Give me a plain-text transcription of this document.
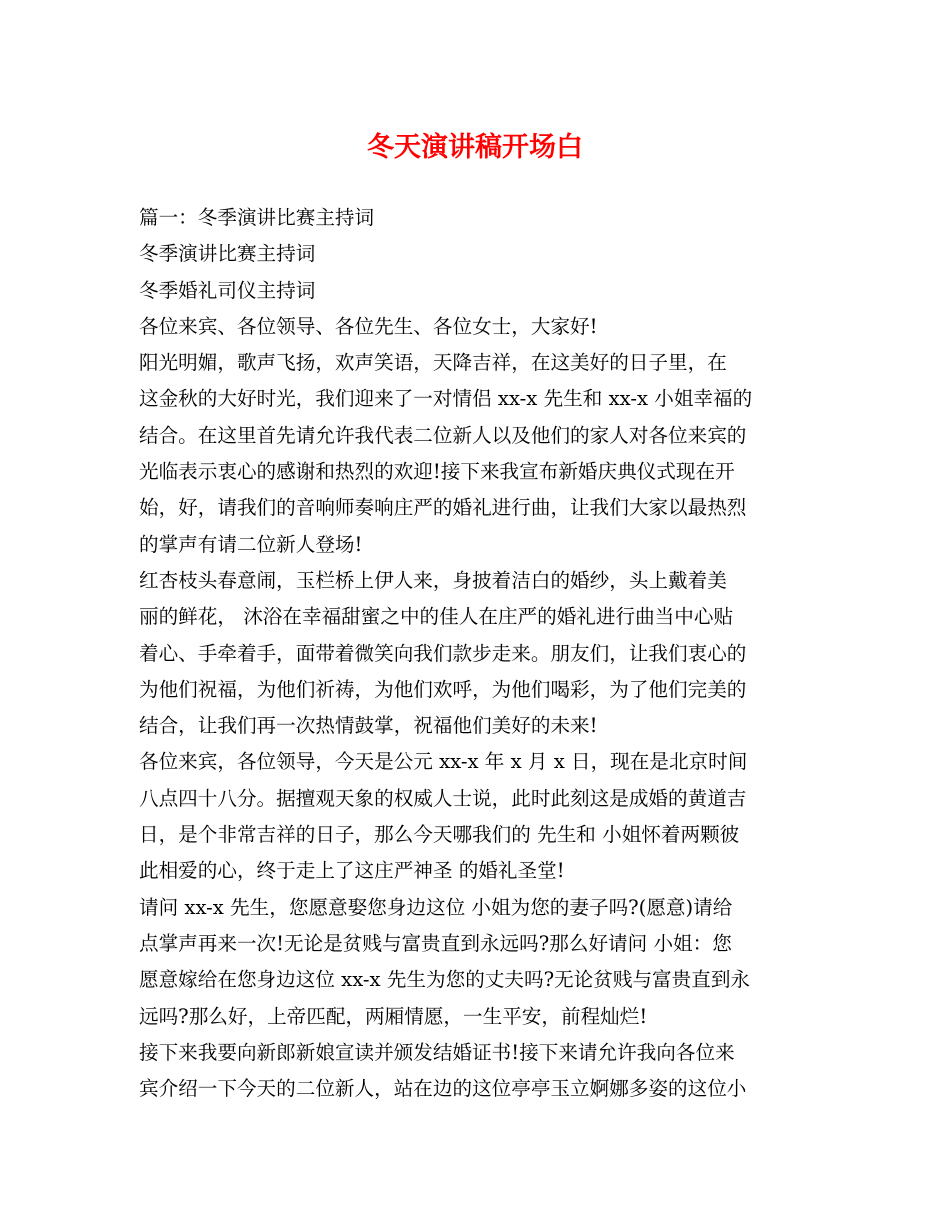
冬天演讲稿开场白
篇一：冬季演讲比赛主持词
冬季演讲比赛主持词
冬季婚礼司仪主持词
各位来宾、各位领导、各位先生、各位女士，大家好!
阳光明媚，歌声飞扬，欢声笑语，天降吉祥，在这美好的日子里，在
这金秋的大好时光，我们迎来了一对情侣 xx-x 先生和 xx-x 小姐幸福的
结合。在这里首先请允许我代表二位新人以及他们的家人对各位来宾的
光临表示衷心的感谢和热烈的欢迎!接下来我宣布新婚庆典仪式现在开
始，好，请我们的音响师奏响庄严的婚礼进行曲，让我们大家以最热烈
的掌声有请二位新人登场!
红杏枝头春意闹，玉栏桥上伊人来，身披着洁白的婚纱，头上戴着美
丽的鲜花， 沐浴在幸福甜蜜之中的佳人在庄严的婚礼进行曲当中心贴
着心、手牵着手，面带着微笑向我们款步走来。朋友们，让我们衷心的
为他们祝福，为他们祈祷，为他们欢呼，为他们喝彩，为了他们完美的
结合，让我们再一次热情鼓掌，祝福他们美好的未来!
各位来宾，各位领导，今天是公元 xx-x 年 x 月 x 日，现在是北京时间
八点四十八分。据擅观天象的权威人士说，此时此刻这是成婚的黄道吉
日，是个非常吉祥的日子，那么今天哪我们的 先生和 小姐怀着两颗彼
此相爱的心，终于走上了这庄严神圣 的婚礼圣堂!
请问 xx-x 先生，您愿意娶您身边这位 小姐为您的妻子吗?(愿意)请给
点掌声再来一次!无论是贫贱与富贵直到永远吗?那么好请问 小姐：您
愿意嫁给在您身边这位 xx-x 先生为您的丈夫吗?无论贫贱与富贵直到永
远吗?那么好，上帝匹配，两厢情愿，一生平安，前程灿烂!
接下来我要向新郎新娘宣读并颁发结婚证书!接下来请允许我向各位来
宾介绍一下今天的二位新人，站在边的这位亭亭玉立婀娜多姿的这位小
